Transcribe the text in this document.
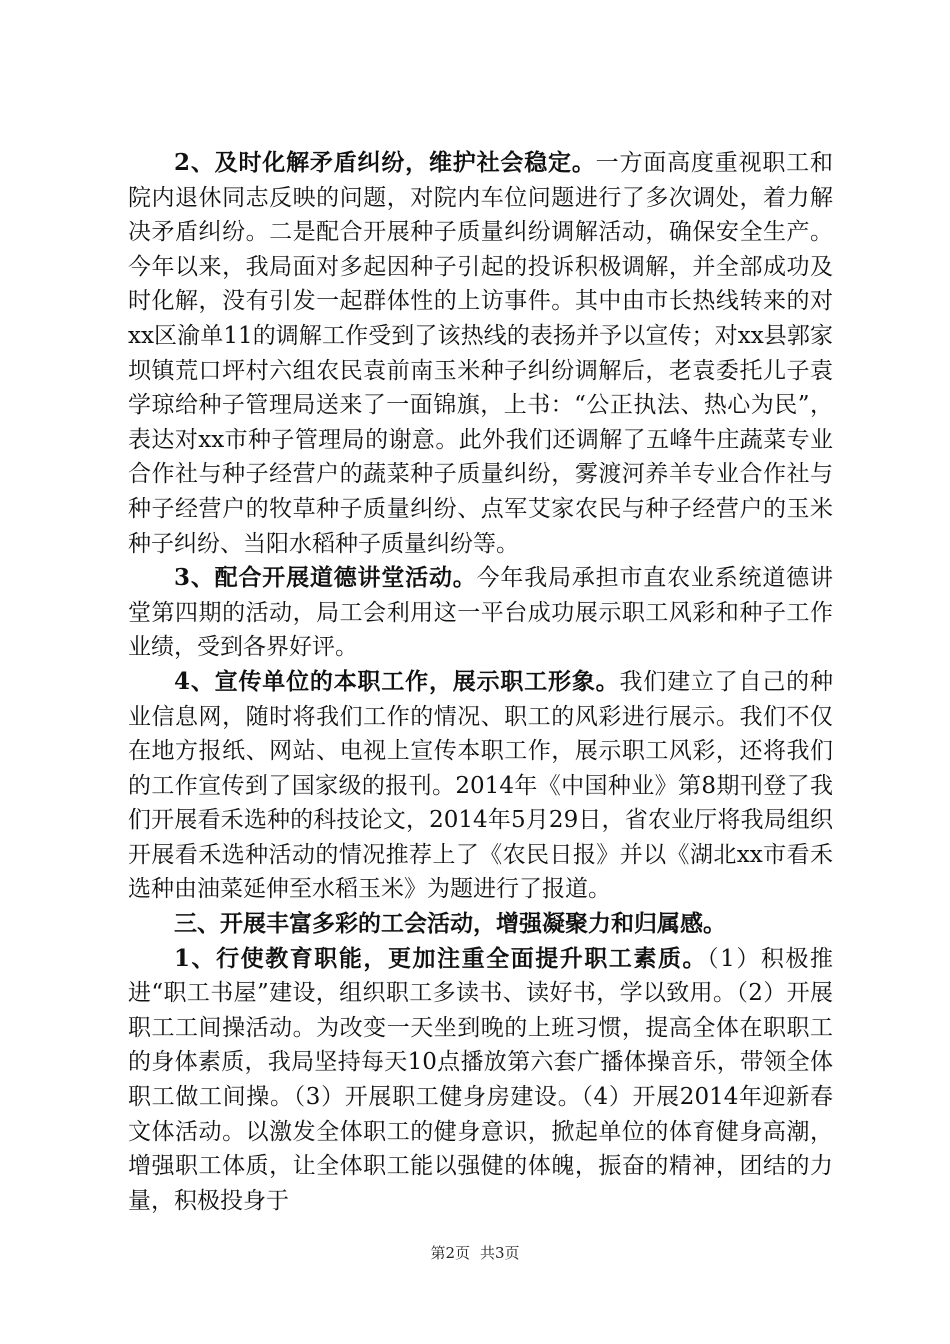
2、及时化解矛盾纠纷，维护社会稳定。一方面高度重视职工和院内退休同志反映的问题，对院内车位问题进行了多次调处，着力解决矛盾纠纷。二是配合开展种子质量纠纷调解活动，确保安全生产。今年以来，我局面对多起因种子引起的投诉积极调解，并全部成功及时化解，没有引发一起群体性的上访事件。其中由市长热线转来的对xx区渝单11的调解工作受到了该热线的表扬并予以宣传；对xx县郭家坝镇荒口坪村六组农民袁前南玉米种子纠纷调解后，老袁委托儿子袁学琼给种子管理局送来了一面锦旗，上书：“公正执法、热心为民”，表达对xx市种子管理局的谢意。此外我们还调解了五峰牛庄蔬菜专业合作社与种子经营户的蔬菜种子质量纠纷，雾渡河养羊专业合作社与种子经营户的牧草种子质量纠纷、点军艾家农民与种子经营户的玉米种子纠纷、当阳水稻种子质量纠纷等。

3、配合开展道德讲堂活动。今年我局承担市直农业系统道德讲堂第四期的活动，局工会利用这一平台成功展示职工风彩和种子工作业绩，受到各界好评。

4、宣传单位的本职工作，展示职工形象。我们建立了自己的种业信息网，随时将我们工作的情况、职工的风彩进行展示。我们不仅在地方报纸、网站、电视上宣传本职工作，展示职工风彩，还将我们的工作宣传到了国家级的报刊。2014年《中国种业》第8期刊登了我们开展看禾选种的科技论文，2014年5月29日，省农业厅将我局组织开展看禾选种活动的情况推荐上了《农民日报》并以《湖北xx市看禾选种由油菜延伸至水稻玉米》为题进行了报道。

三、开展丰富多彩的工会活动，增强凝聚力和归属感。

1、行使教育职能，更加注重全面提升职工素质。（1）积极推进“职工书屋”建设，组织职工多读书、读好书，学以致用。（2）开展职工工间操活动。为改变一天坐到晚的上班习惯，提高全体在职职工的身体素质，我局坚持每天10点播放第六套广播体操音乐，带领全体职工做工间操。（3）开展职工健身房建设。（4）开展2014年迎新春文体活动。以激发全体职工的健身意识，掀起单位的体育健身高潮，增强职工体质，让全体职工能以强健的体魄，振奋的精神，团结的力量，积极投身于

第2页 共3页
